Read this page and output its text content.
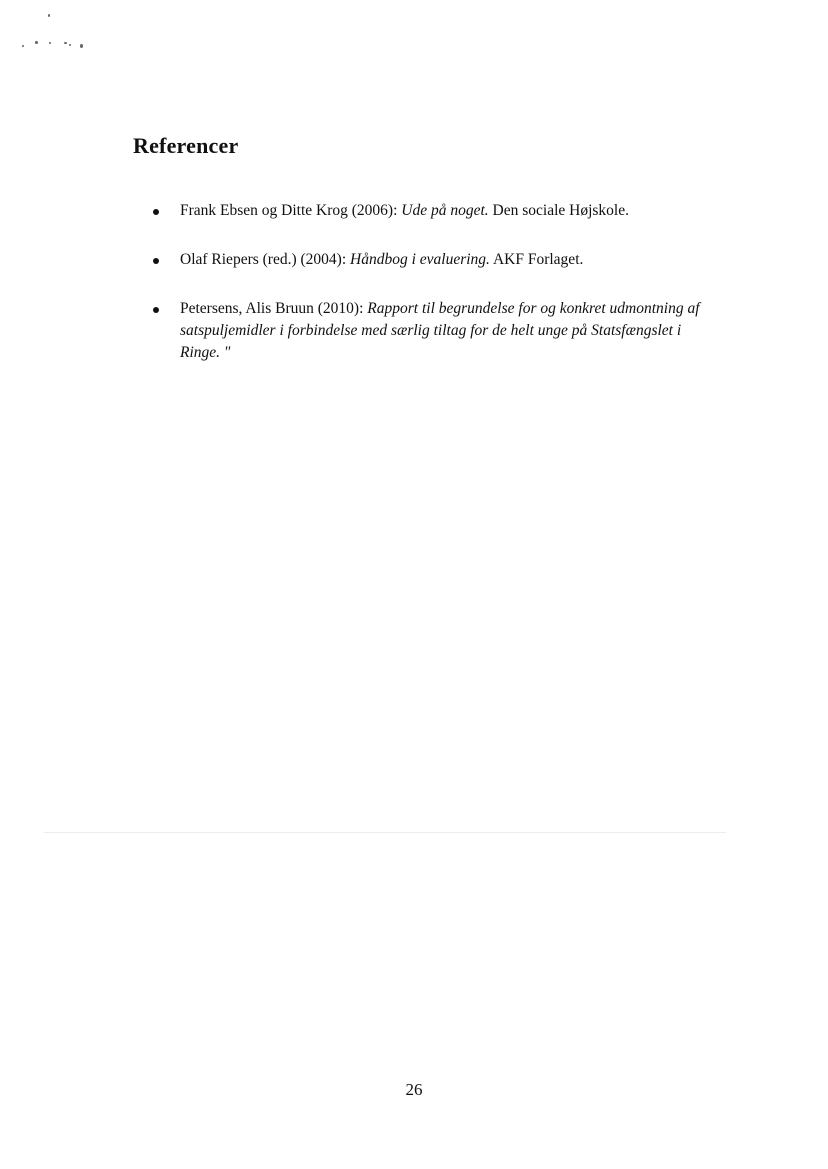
Referencer
Frank Ebsen og Ditte Krog (2006): Ude på noget. Den sociale Højskole.
Olaf Riepers (red.) (2004): Håndbog i evaluering. AKF Forlaget.
Petersens, Alis Bruun (2010): Rapport til begrundelse for og konkret udmontning af satspuljemidler i forbindelse med særlig tiltag for de helt unge på Statsfængslet i Ringe. "
26
